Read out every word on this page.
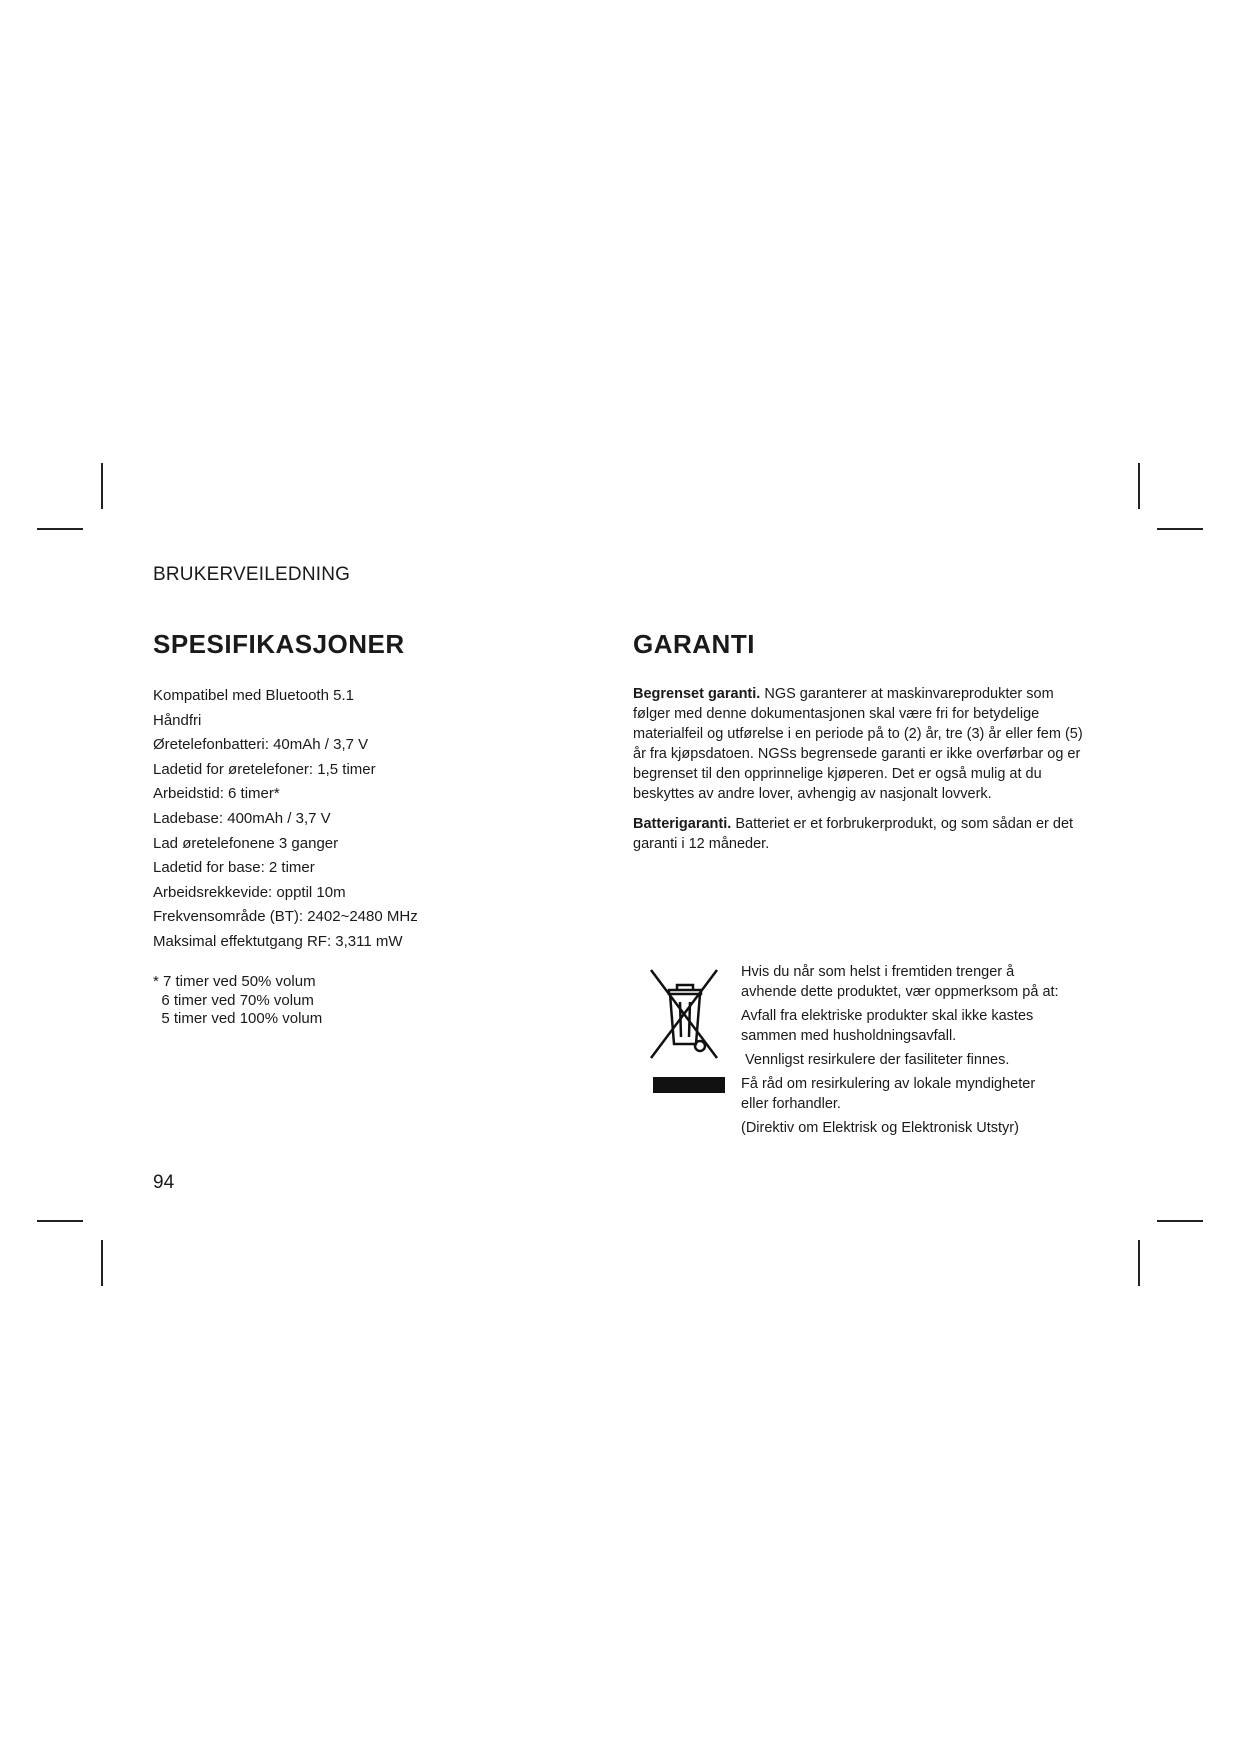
BRUKERVEILEDNING
SPESIFIKASJONER
Kompatibel med Bluetooth 5.1
Håndfri
Øretelefonbatteri: 40mAh / 3,7 V
Ladetid for øretelefoner: 1,5 timer
Arbeidstid: 6 timer*
Ladebase: 400mAh / 3,7 V
Lad øretelefonene 3 ganger
Ladetid for base: 2 timer
Arbeidsrekkevide: opptil 10m
Frekvensområde (BT): 2402~2480 MHz
Maksimal effektutgang RF: 3,311 mW
* 7 timer ved 50% volum
6 timer ved 70% volum
5 timer ved 100% volum
GARANTI

Begrenset garanti. NGS garanterer at maskinvareprodukter som følger med denne dokumentasjonen skal være fri for betydelige materialfeil og utførelse i en periode på to (2) år, tre (3) år eller fem (5) år fra kjøpsdatoen. NGSs begrensede garanti er ikke overførbar og er begrenset til den opprinnelige kjøperen. Det er også mulig at du beskyttes av andre lover, avhengig av nasjonalt lovverk.

Batterigaranti. Batteriet er et forbrukerprodukt, og som sådan er det garanti i 12 måneder.

Hvis du når som helst i fremtiden trenger å
avhende dette produktet, vær oppmerksom på at:
Avfall fra elektriske produkter skal ikke kastes
sammen med husholdningsavfall.
Vennligst resirkulere der fasiliteter finnes.
Få råd om resirkulering av lokale myndigheter
eller forhandler.
(Direktiv om Elektrisk og Elektronisk Utstyr)
94
